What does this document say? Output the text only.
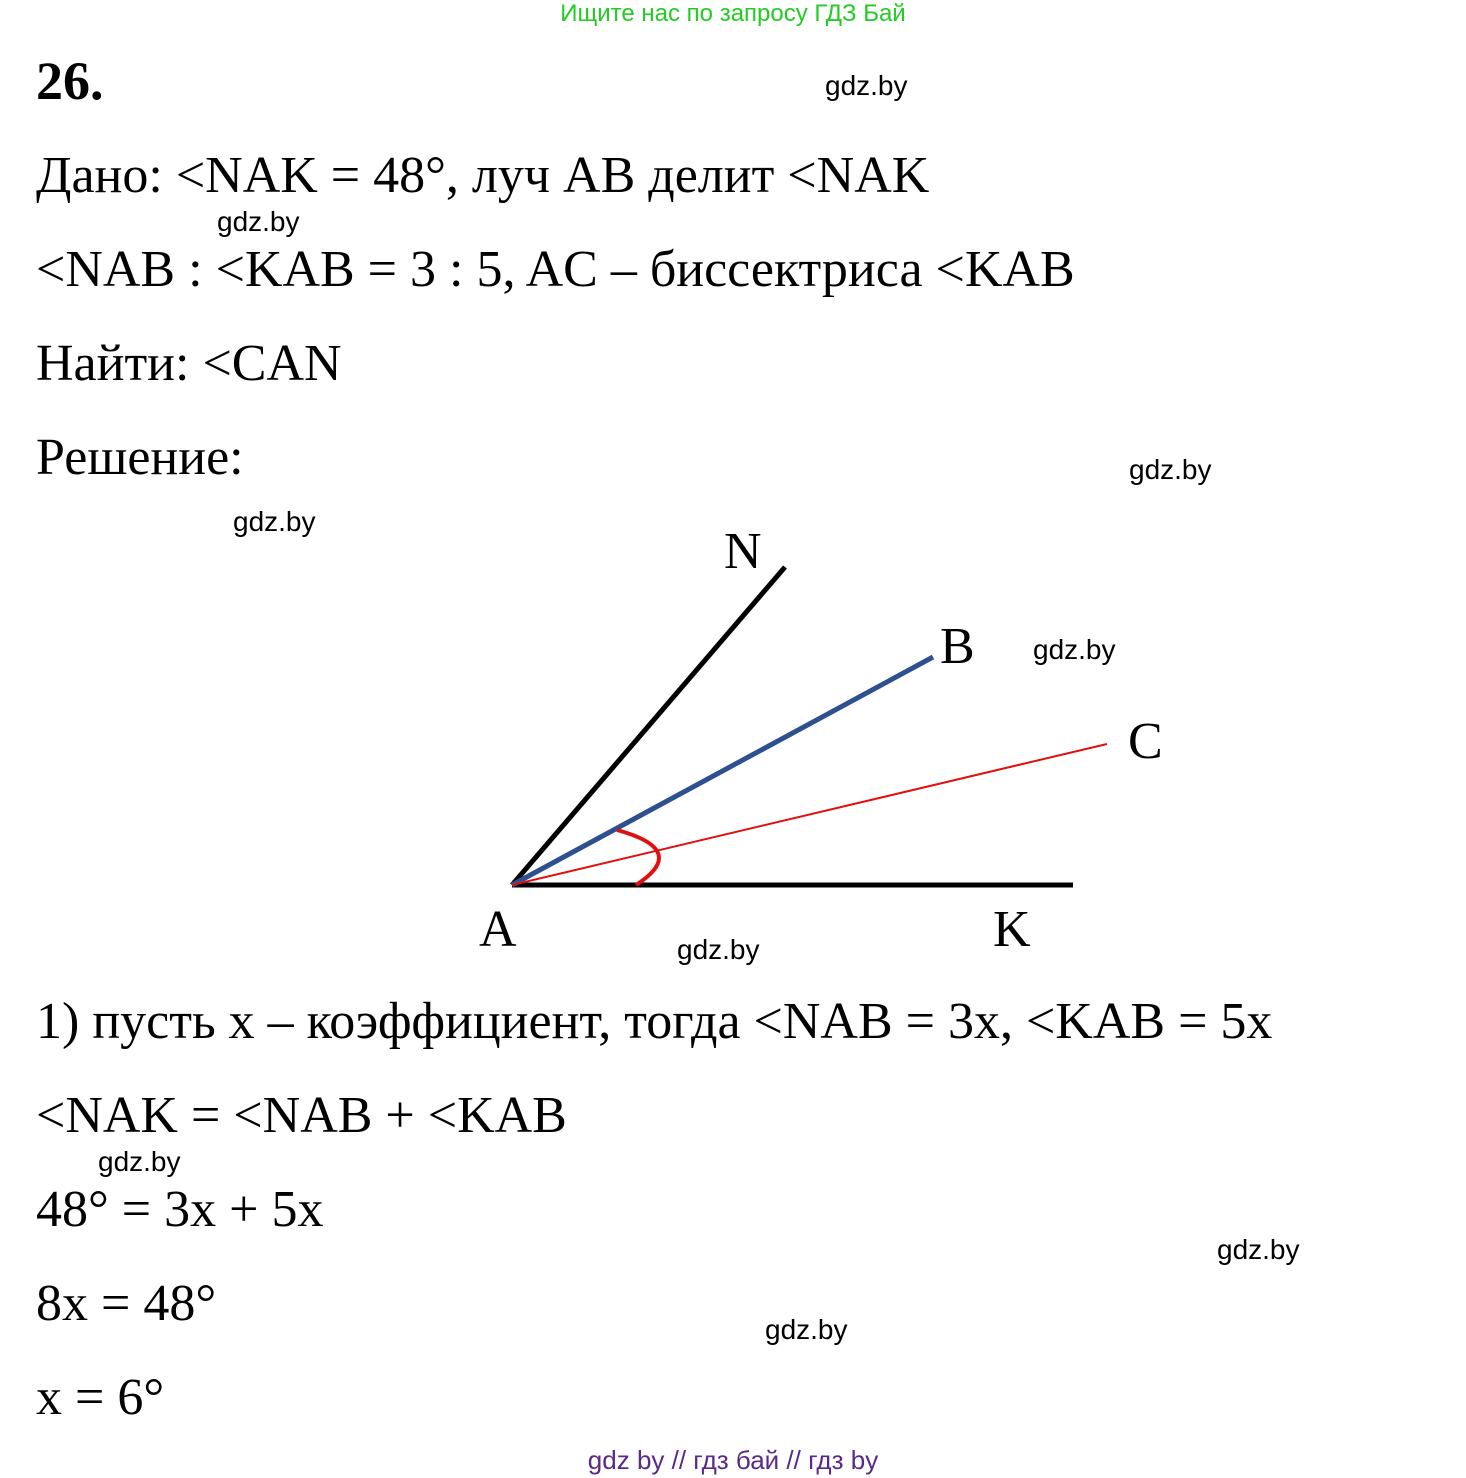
Ищите нас по запросу ГДЗ Бай
26.
Дано: <NAK = 48°, луч AB делит <NAK
<NAB : <KAB = 3 : 5, AC – биссектриса <KAB
Найти: <CAN
Решение:
N
B
C
A	K
1) пусть x – коэффициент, тогда <NAB = 3x, <KAB = 5x
<NAK = <NAB + <KAB
48° = 3x + 5x
8x = 48°
x = 6°
gdz.by
gdz.by
gdz.by
gdz.by
gdz.by
gdz.by
gdz.by
gdz.by
gdz.by
gdz by // гдз бай // гдз by
